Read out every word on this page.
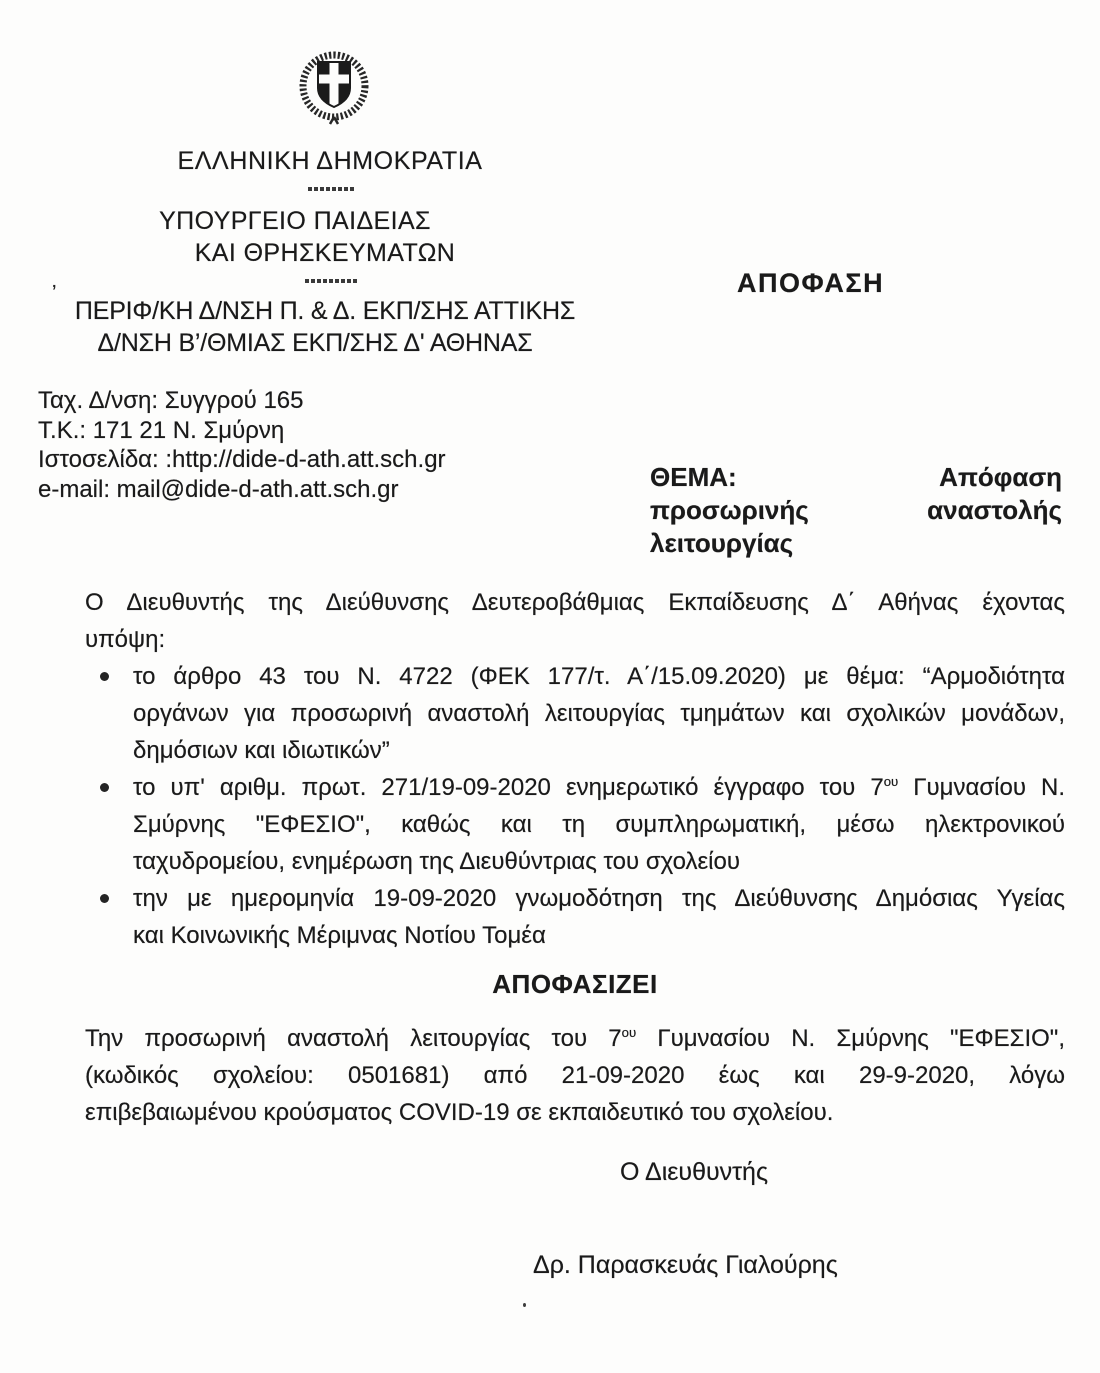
ΕΛΛΗΝΙΚΗ ΔΗΜΟΚΡΑΤΙΑ
ΥΠΟΥΡΓΕΙΟ ΠΑΙΔΕΙΑΣ
ΚΑΙ ΘΡΗΣΚΕΥΜΑΤΩΝ
’
ΠΕΡΙΦ/ΚΗ Δ/ΝΣΗ Π. & Δ. ΕΚΠ/ΣΗΣ ΑΤΤΙΚΗΣ
Δ/ΝΣΗ Β’/ΘΜΙΑΣ ΕΚΠ/ΣΗΣ Δ' ΑΘΗΝΑΣ
Ταχ. Δ/νση: Συγγρού 165
Τ.Κ.: 171 21 Ν. Σμύρνη
Ιστοσελίδα: :http://dide-d-ath.att.sch.gr
e-mail: mail@dide-d-ath.att.sch.gr
ΑΠΟΦΑΣΗ
ΘΕΜΑ:	Απόφαση
προσωρινής	αναστολής
λειτουργίας

Ο Διευθυντής της Διεύθυνσης Δευτεροβάθμιας Εκπαίδευσης Δ΄ Αθήνας έχοντας
υπόψη:

το άρθρο 43 του Ν. 4722 (ΦΕΚ 177/τ. Α΄/15.09.2020) με θέμα: “Αρμοδιότητα
οργάνων για προσωρινή αναστολή λειτουργίας τμημάτων και σχολικών μονάδων,
δημόσιων και ιδιωτικών”
το υπ' αριθμ. πρωτ. 271/19-09-2020 ενημερωτικό έγγραφο του $7^{o\upsilon}$ Γυμνασίου Ν.
Σμύρνης "ΕΦΕΣΙΟ", καθώς και τη συμπληρωματική, μέσω ηλεκτρονικού
ταχυδρομείου, ενημέρωση της Διευθύντριας του σχολείου
την με ημερομηνία 19-09-2020 γνωμοδότηση της Διεύθυνσης Δημόσιας Υγείας
και Κοινωνικής Μέριμνας Νοτίου Τομέα
ΑΠΟΦΑΣΙΖΕΙ

Την προσωρινή αναστολή λειτουργίας του $7^{o\upsilon}$ Γυμνασίου Ν. Σμύρνης "ΕΦΕΣΙΟ",
(κωδικός σχολείου: 0501681) από 21-09-2020 έως και 29-9-2020, λόγω
επιβεβαιωμένου κρούσματος COVID-19 σε εκπαιδευτικό του σχολείου.

Ο Διευθυντής
Δρ. Παρασκευάς Γιαλούρης
